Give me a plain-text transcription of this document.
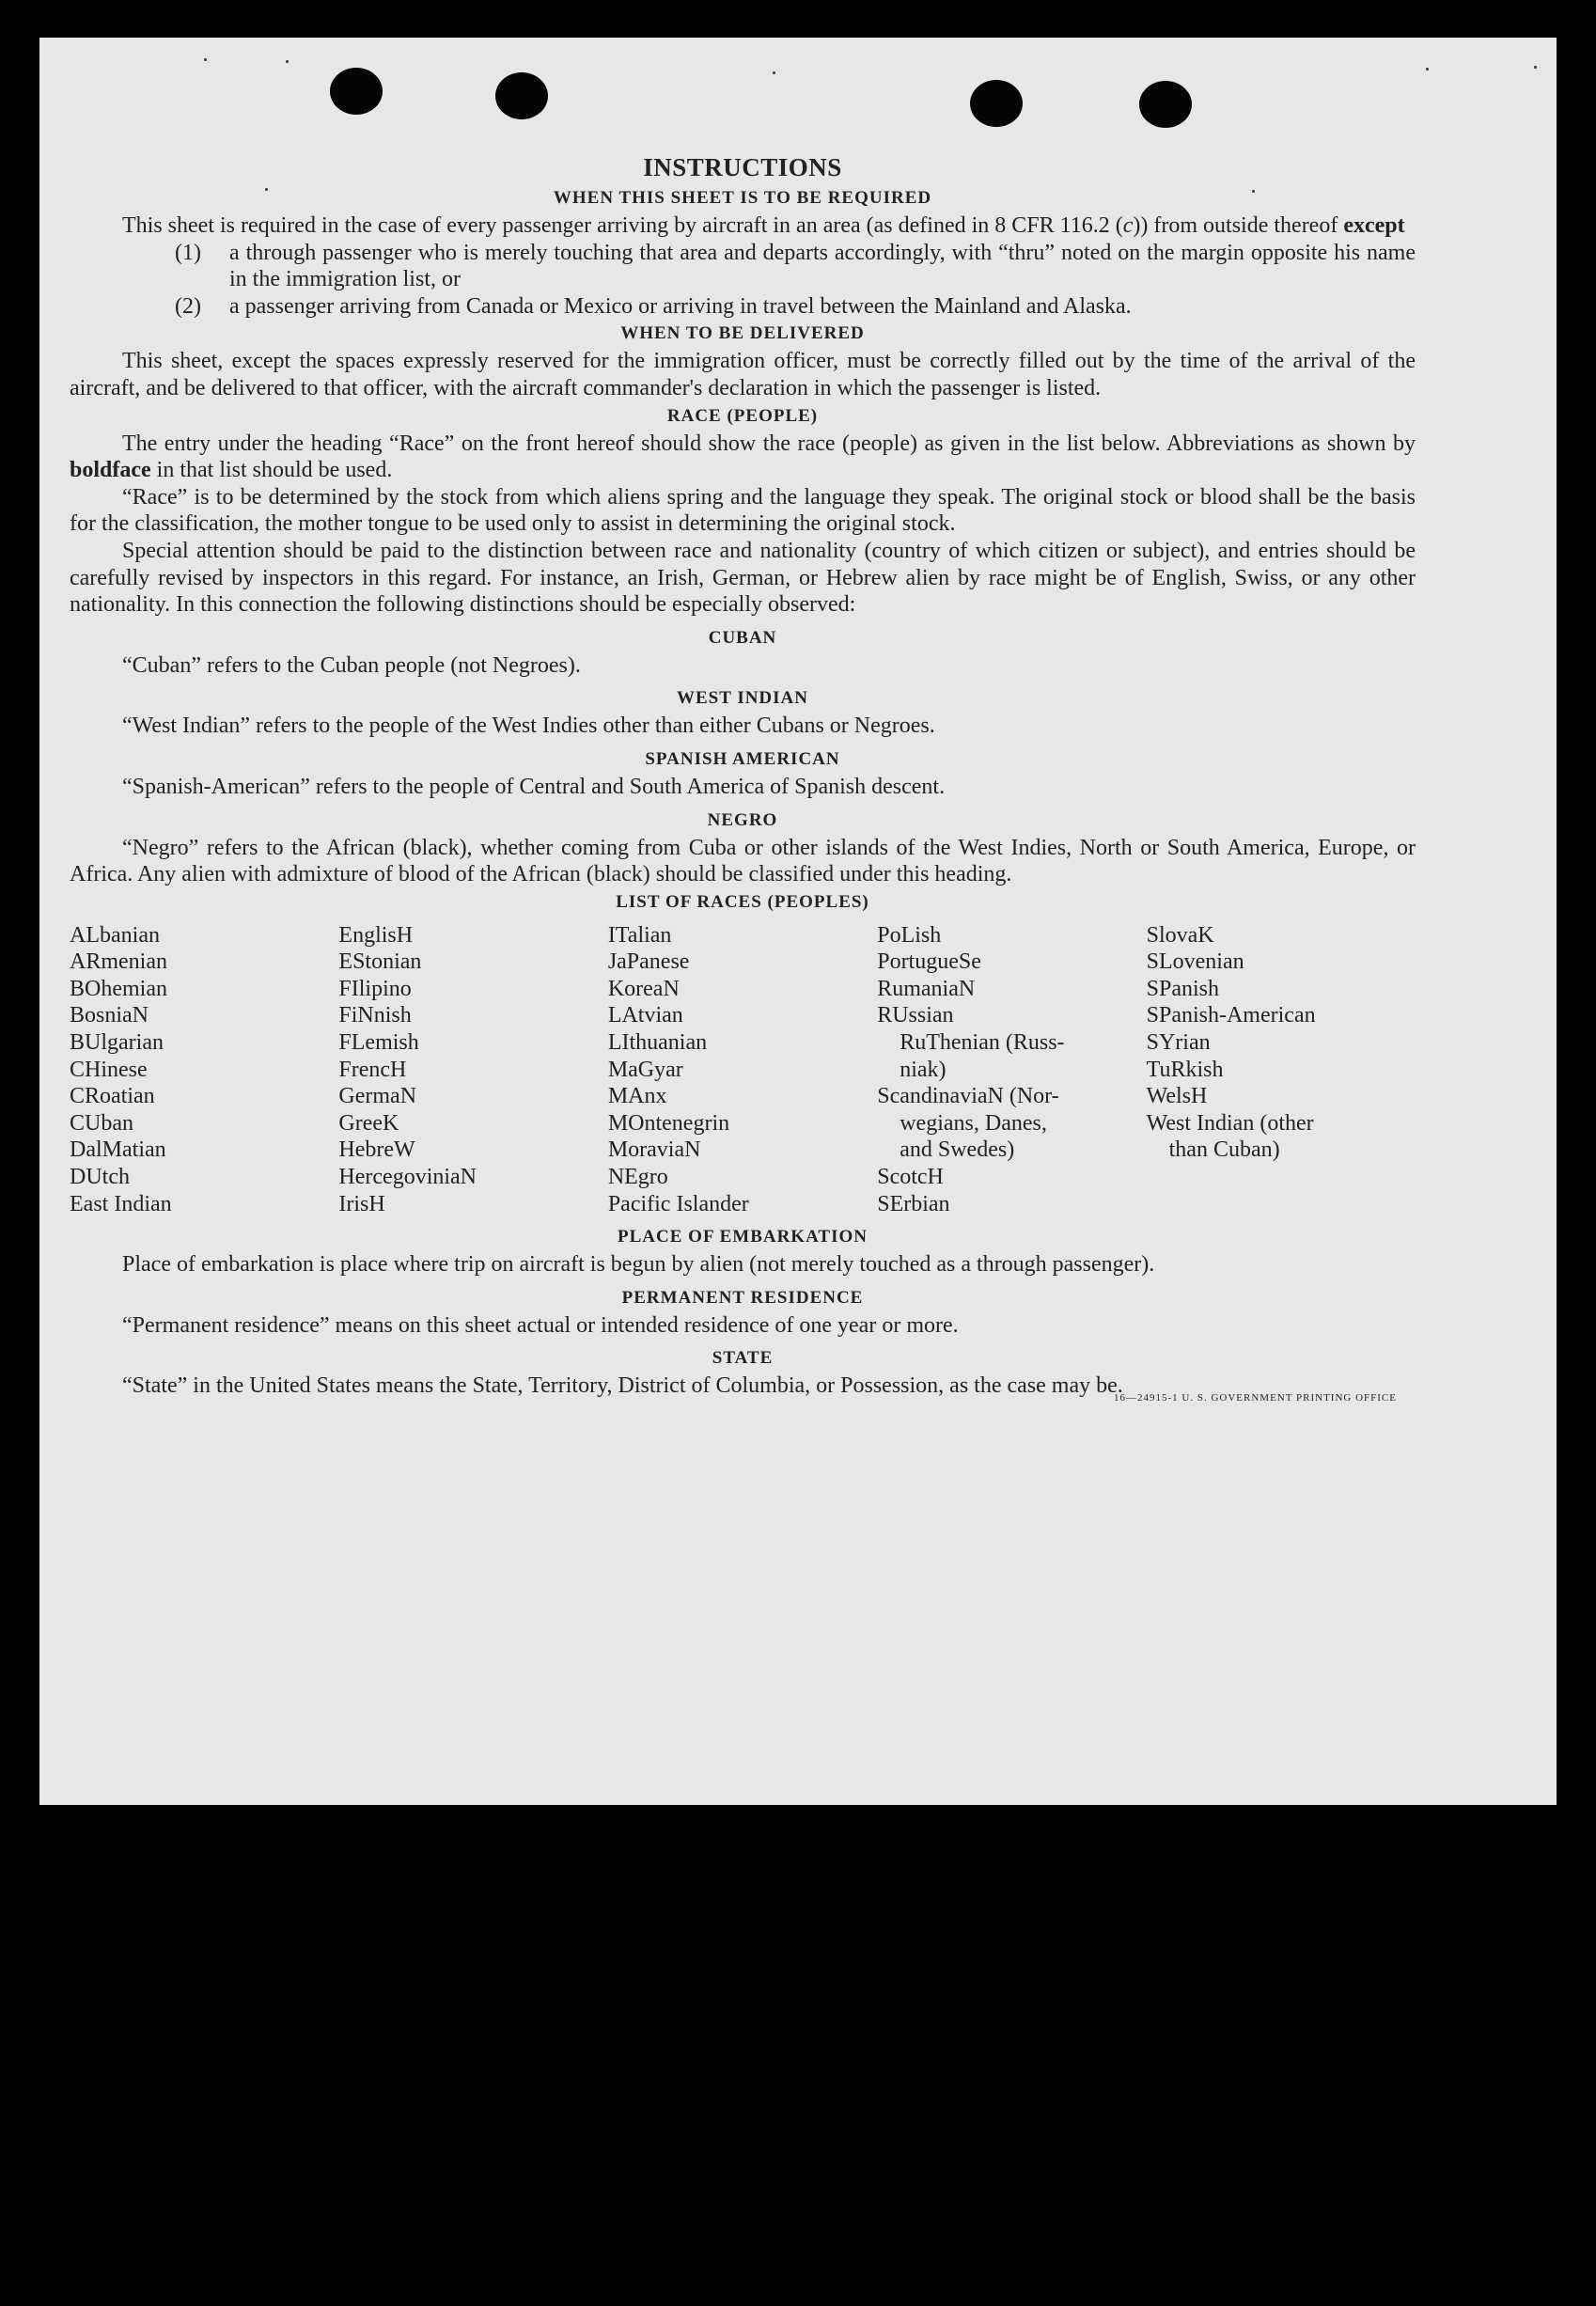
INSTRUCTIONS
WHEN THIS SHEET IS TO BE REQUIRED

This sheet is required in the case of every passenger arriving by aircraft in an area (as defined in 8 CFR 116.2 (c)) from outside thereof except

(1)	a through passenger who is merely touching that area and departs accordingly, with “thru” noted on the margin opposite his name in the immigration list, or
(2)	a passenger arriving from Canada or Mexico or arriving in travel between the Mainland and Alaska.
WHEN TO BE DELIVERED

This sheet, except the spaces expressly reserved for the immigration officer, must be correctly filled out by the time of the arrival of the aircraft, and be delivered to that officer, with the aircraft commander's declaration in which the passenger is listed.

RACE (PEOPLE)

The entry under the heading “Race” on the front hereof should show the race (people) as given in the list below. Abbreviations as shown by boldface in that list should be used.

“Race” is to be determined by the stock from which aliens spring and the language they speak. The original stock or blood shall be the basis for the classification, the mother tongue to be used only to assist in determining the original stock.

Special attention should be paid to the distinction between race and nationality (country of which citizen or subject), and entries should be carefully revised by inspectors in this regard. For instance, an Irish, German, or Hebrew alien by race might be of English, Swiss, or any other nationality. In this connection the following distinctions should be especially observed:

CUBAN

“Cuban” refers to the Cuban people (not Negroes).

WEST INDIAN

“West Indian” refers to the people of the West Indies other than either Cubans or Negroes.

SPANISH AMERICAN

“Spanish-American” refers to the people of Central and South America of Spanish descent.

NEGRO

“Negro” refers to the African (black), whether coming from Cuba or other islands of the West Indies, North or South America, Europe, or Africa. Any alien with admixture of blood of the African (black) should be classified under this heading.

LIST OF RACES (PEOPLES)
ALbanian
ARmenian
BOhemian
BosniaN
BUlgarian
CHinese
CRoatian
CUban
DalMatian
DUtch
East Indian
EnglisH
EStonian
FIlipino
FiNnish
FLemish
FrencH
GermaN
GreeK
HebreW
HercegoviniaN
IrisH
ITalian
JaPanese
KoreaN
LAtvian
LIthuanian
MaGyar
MAnx
MOntenegrin
MoraviaN
NEgro
Pacific Islander
PoLish
PortugueSe
RumaniaN
RUssian
RuThenian (Russ-
niak)
ScandinaviaN (Nor-
wegians, Danes,
and Swedes)
ScotcH
SErbian
SlovaK
SLovenian
SPanish
SPanish-American
SYrian
TuRkish
WelsH
West Indian (other
than Cuban)
PLACE OF EMBARKATION

Place of embarkation is place where trip on aircraft is begun by alien (not merely touched as a through passenger).

PERMANENT RESIDENCE

“Permanent residence” means on this sheet actual or intended residence of one year or more.

STATE

“State” in the United States means the State, Territory, District of Columbia, or Possession, as the case may be.

16—24915-1 U. S. GOVERNMENT PRINTING OFFICE
